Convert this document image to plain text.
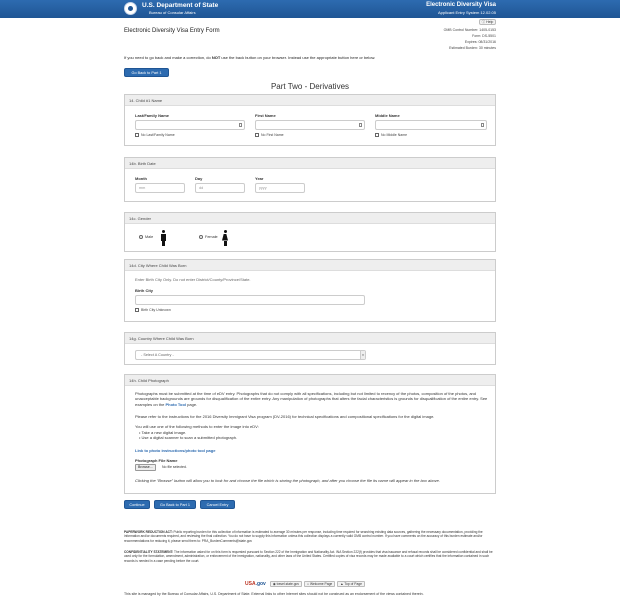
U.S. Department of State
Bureau of Consular Affairs
Electronic Diversity Visa
Applicant Entry System 12.02.05
ⓘ Help
Electronic Diversity Visa Entry Form	OMB Control Number: 1405-0153
Form: DS-5501
Expires: 08/31/2016
Estimated Burden: 30 minutes
If you need to go back and make a correction, do NOT use the back button on your browser. Instead use the appropriate button here or below.
Go Back to Part 1
Part Two - Derivatives
14. Child #1 Name
Last/Family Name	First Name	Middle Name
No Last/Family Name	No First Name	No Middle Name
14b. Birth Date
Month	Day	Year
mm	dd	yyyy
14c. Gender
Male	Female
14d. City Where Child Was Born
Enter Birth City Only. Do not enter District/County/Province/State.
Birth City
Birth City Unknown
14g. Country Where Child Was Born
- Select A Country -	▾
14h. Child Photograph
Photographs must be submitted at the time of eDV entry. Photographs that do not comply with all specifications, including but not limited to recency of the photos, composition of the photos, and unacceptable backgrounds are grounds for disqualification of the entire entry. Any manipulation of photographs that alters the facial characteristics is grounds for disqualification of the entire entry. See examples on the Photo Tool page.
Please refer to the instructions for the 2016 Diversity Immigrant Visa program (DV-2016) for technical specifications and compositional specifications for the digital image.
You will use one of the following methods to enter the image into eDV:
• Take a new digital image.
• Use a digital scanner to scan a submitted photograph.
Link to photo instructions/photo tool page
Photograph File Name
Browse...	No file selected.
Clicking the "Browse" button will allow you to look for and choose the file which is storing the photograph, and after you choose the file its name will appear in the box above.
Continue	Go Back to Part 1	Cancel Entry
PAPERWORK REDUCTION ACT: Public reporting burden for this collection of information is estimated to average 30 minutes per response, including time required for searching existing data sources, gathering the necessary documentation, providing the information and/or documents required, and reviewing the final collection. You do not have to supply this information unless this collection displays a currently valid OMB control number. If you have comments on the accuracy of this burden estimate and/or recommendations for reducing it, please send them to: PRA_BurdenComments@state.gov
CONFIDENTIALITY STATEMENT: The information asked for on this form is requested pursuant to Section 222 of the Immigration and Nationality Act. INA Section 222(f) provides that visa issuance and refusal records shall be considered confidential and shall be used only for the formulation, amendment, administration, or enforcement of the immigration, nationality, and other laws of the United States. Certified copies of visa records may be made available to a court which certifies that the information contained in such records is needed in a case pending before the court.
USA.gov	◉ travel.state.gov	⌂ Welcome Page	▲ Top of Page
This site is managed by the Bureau of Consular Affairs, U.S. Department of State. External links to other Internet sites should not be construed as an endorsement of the views contained therein.
